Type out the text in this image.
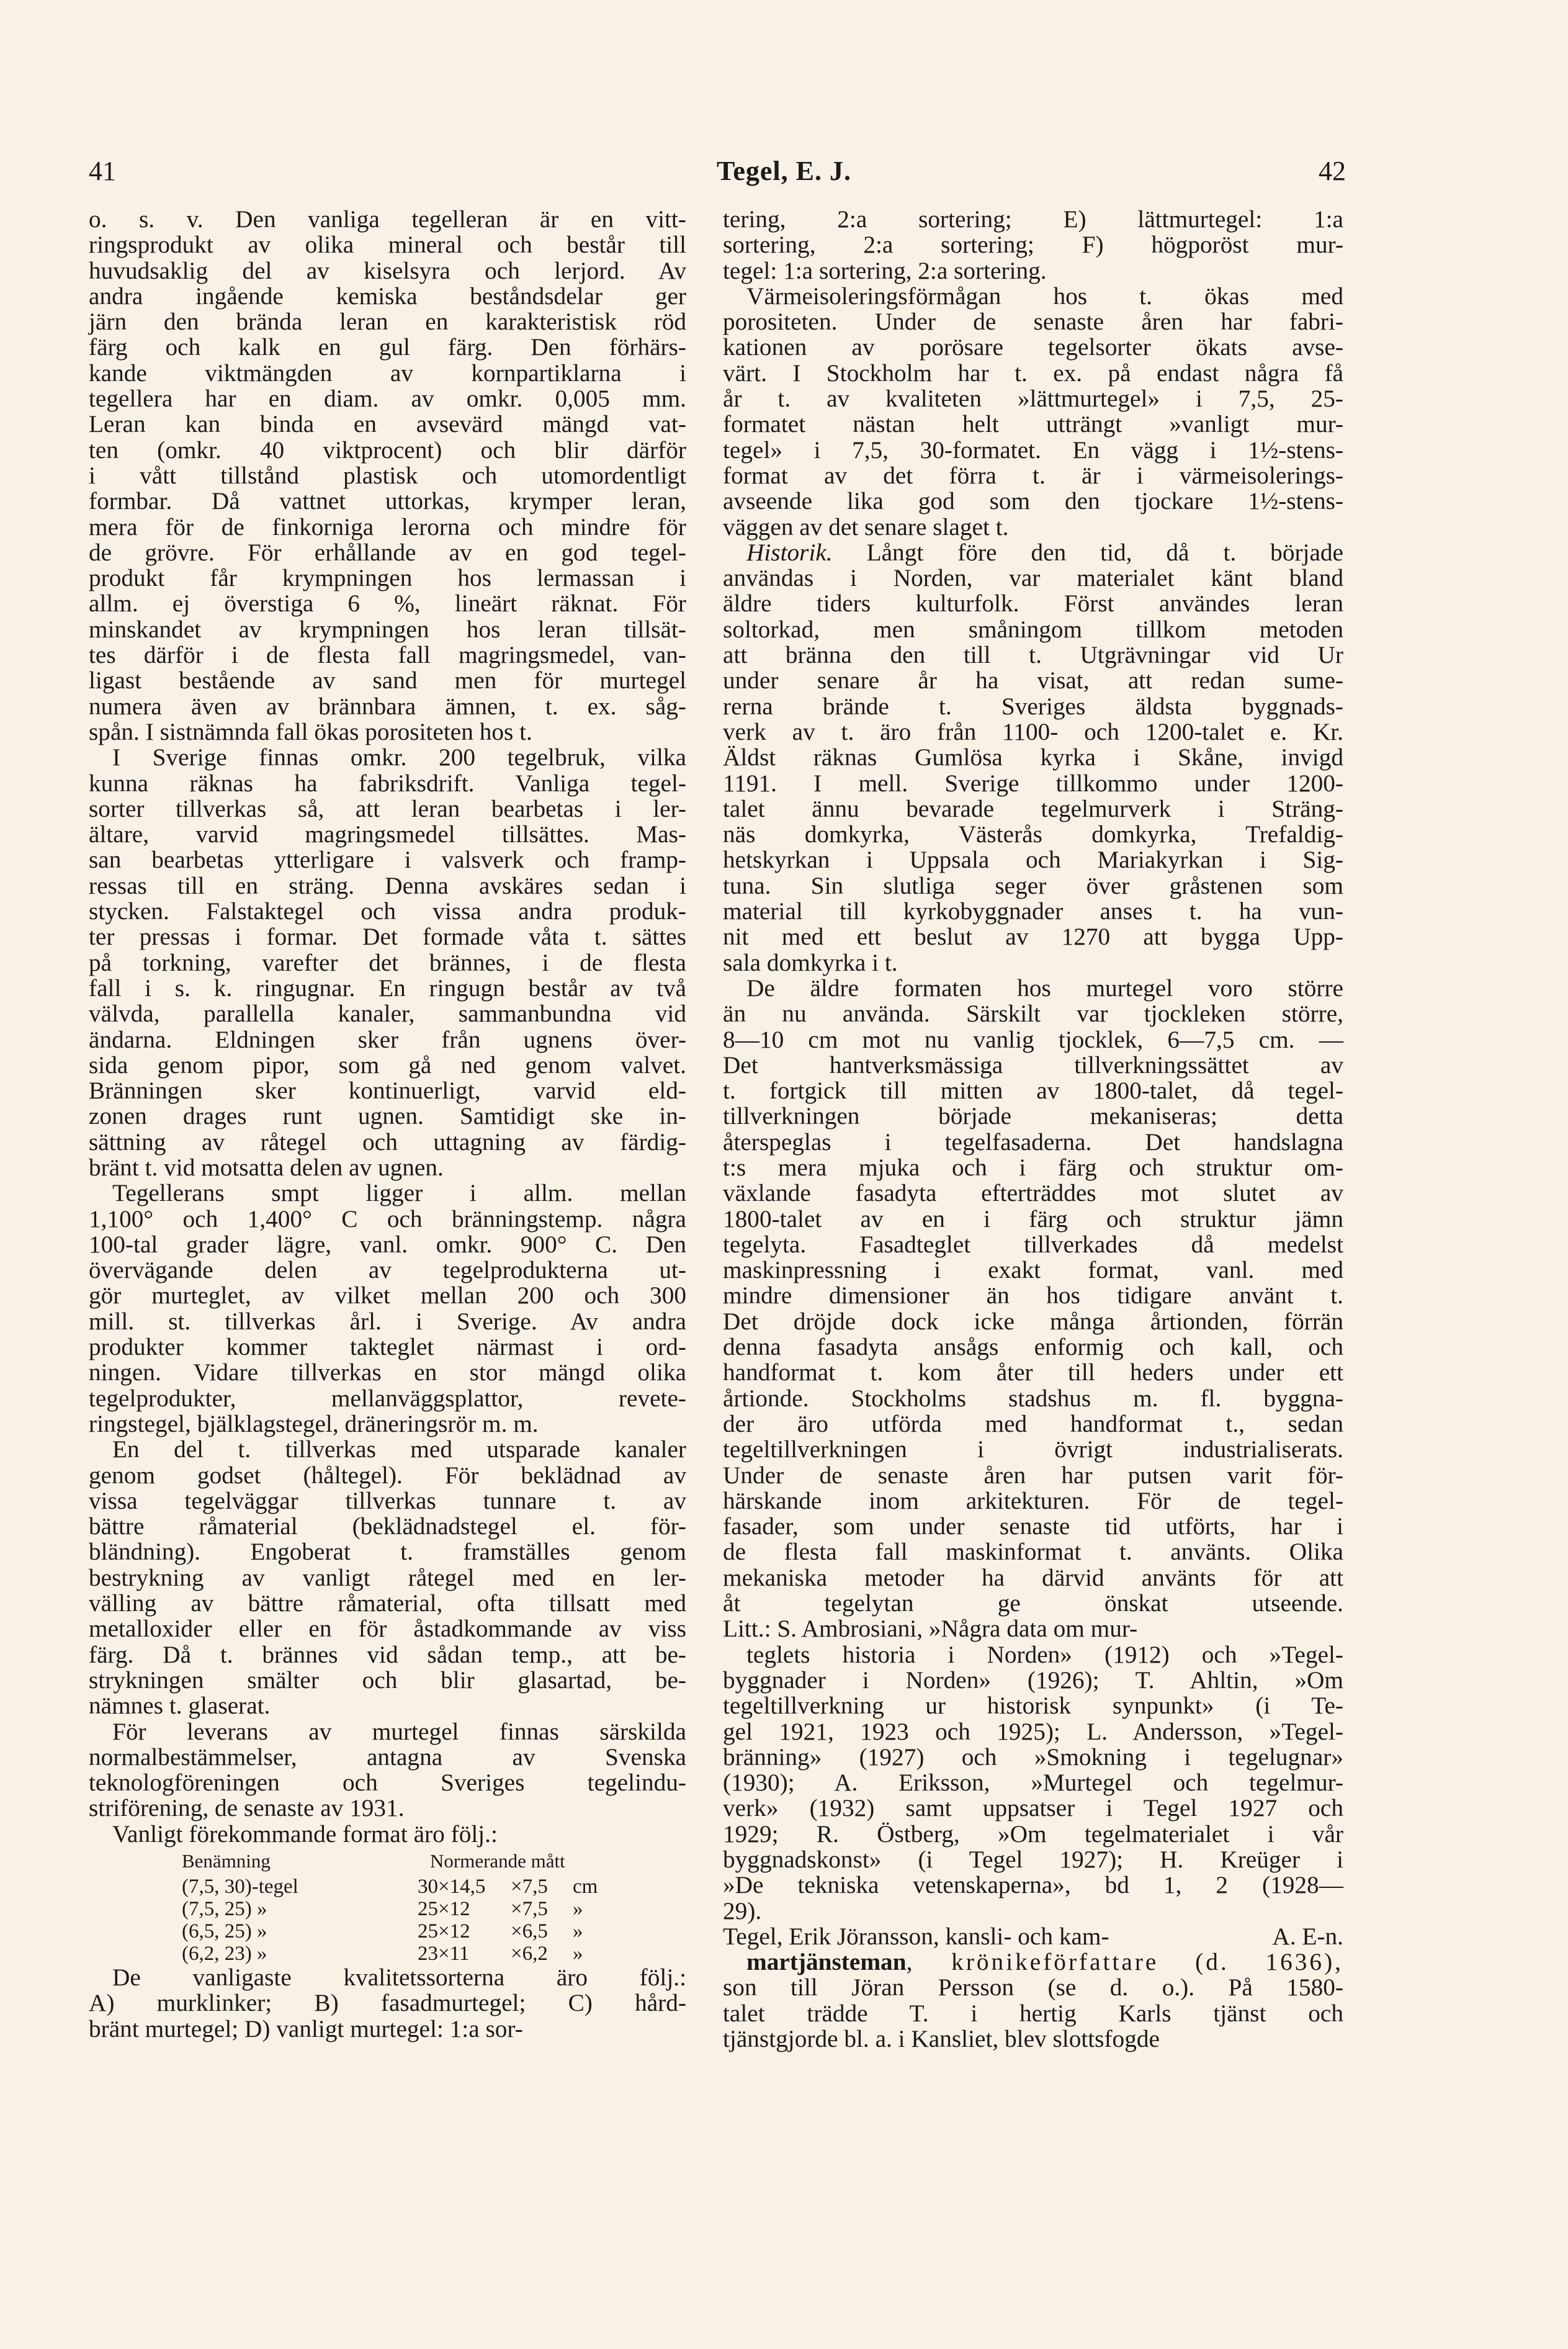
41	Tegel, E. J.	42
o. s. v. Den vanliga tegelleran är en vitt-
ringsprodukt av olika mineral och består till
huvudsaklig del av kiselsyra och lerjord. Av
andra ingående kemiska beståndsdelar ger
järn den brända leran en karakteristisk röd
färg och kalk en gul färg. Den förhärs-
kande viktmängden av kornpartiklarna i
tegellera har en diam. av omkr. 0,005 mm.
Leran kan binda en avsevärd mängd vat-
ten (omkr. 40 viktprocent) och blir därför
i vått tillstånd plastisk och utomordentligt
formbar. Då vattnet uttorkas, krymper leran,
mera för de finkorniga lerorna och mindre för
de grövre. För erhållande av en god tegel-
produkt får krympningen hos lermassan i
allm. ej överstiga 6 %, lineärt räknat. För
minskandet av krympningen hos leran tillsät-
tes därför i de flesta fall magringsmedel, van-
ligast bestående av sand men för murtegel
numera även av brännbara ämnen, t. ex. såg-
spån. I sistnämnda fall ökas porositeten hos t.
I Sverige finnas omkr. 200 tegelbruk, vilka
kunna räknas ha fabriksdrift. Vanliga tegel-
sorter tillverkas så, att leran bearbetas i ler-
ältare, varvid magringsmedel tillsättes. Mas-
san bearbetas ytterligare i valsverk och framp-
ressas till en sträng. Denna avskäres sedan i
stycken. Falstaktegel och vissa andra produk-
ter pressas i formar. Det formade våta t. sättes
på torkning, varefter det brännes, i de flesta
fall i s. k. ringugnar. En ringugn består av två
välvda, parallella kanaler, sammanbundna vid
ändarna. Eldningen sker från ugnens över-
sida genom pipor, som gå ned genom valvet.
Bränningen sker kontinuerligt, varvid eld-
zonen drages runt ugnen. Samtidigt ske in-
sättning av råtegel och uttagning av färdig-
bränt t. vid motsatta delen av ugnen.
Tegellerans smpt ligger i allm. mellan
1,100° och 1,400° C och bränningstemp. några
100-tal grader lägre, vanl. omkr. 900° C. Den
övervägande delen av tegelprodukterna ut-
gör murteglet, av vilket mellan 200 och 300
mill. st. tillverkas årl. i Sverige. Av andra
produkter kommer takteglet närmast i ord-
ningen. Vidare tillverkas en stor mängd olika
tegelprodukter, mellanväggsplattor, revete-
ringstegel, bjälklagstegel, dräneringsrör m. m.
En del t. tillverkas med utsparade kanaler
genom godset (håltegel). För beklädnad av
vissa tegelväggar tillverkas tunnare t. av
bättre råmaterial (beklädnadstegel el. för-
bländning). Engoberat t. framställes genom
bestrykning av vanligt råtegel med en ler-
välling av bättre råmaterial, ofta tillsatt med
metalloxider eller en för åstadkommande av viss
färg. Då t. brännes vid sådan temp., att be-
strykningen smälter och blir glasartad, be-
nämnes t. glaserat.
För leverans av murtegel finnas särskilda
normalbestämmelser, antagna av Svenska
teknologföreningen och Sveriges tegelindu-
striförening, de senaste av 1931.
Vanligt förekommande format äro följ.:
Benämning	Normerande mått		
(7,5, 30)-tegel	30×14,5	×7,5	cm
(7,5, 25) »	25×12	×7,5	»
(6,5, 25) »	25×12	×6,5	»
(6,2, 23) »	23×11	×6,2	»
De vanligaste kvalitetssorterna äro följ.:
A) murklinker; B) fasadmurtegel; C) hård-
bränt murtegel; D) vanligt murtegel: 1:a sor-
tering, 2:a sortering; E) lättmurtegel: 1:a
sortering, 2:a sortering; F) högporöst mur-
tegel: 1:a sortering, 2:a sortering.
Värmeisoleringsförmågan hos t. ökas med
porositeten. Under de senaste åren har fabri-
kationen av porösare tegelsorter ökats avse-
värt. I Stockholm har t. ex. på endast några få
år t. av kvaliteten »lättmurtegel» i 7,5, 25-
formatet nästan helt utträngt »vanligt mur-
tegel» i 7,5, 30-formatet. En vägg i 1½-stens-
format av det förra t. är i värmeisolerings-
avseende lika god som den tjockare 1½-stens-
väggen av det senare slaget t.
Historik. Långt före den tid, då t. började
användas i Norden, var materialet känt bland
äldre tiders kulturfolk. Först användes leran
soltorkad, men småningom tillkom metoden
att bränna den till t. Utgrävningar vid Ur
under senare år ha visat, att redan sume-
rerna brände t. Sveriges äldsta byggnads-
verk av t. äro från 1100- och 1200-talet e. Kr.
Äldst räknas Gumlösa kyrka i Skåne, invigd
1191. I mell. Sverige tillkommo under 1200-
talet ännu bevarade tegelmurverk i Sträng-
näs domkyrka, Västerås domkyrka, Trefaldig-
hetskyrkan i Uppsala och Mariakyrkan i Sig-
tuna. Sin slutliga seger över gråstenen som
material till kyrkobyggnader anses t. ha vun-
nit med ett beslut av 1270 att bygga Upp-
sala domkyrka i t.
De äldre formaten hos murtegel voro större
än nu använda. Särskilt var tjockleken större,
8—10 cm mot nu vanlig tjocklek, 6—7,5 cm. —
Det hantverksmässiga tillverkningssättet av
t. fortgick till mitten av 1800-talet, då tegel-
tillverkningen började mekaniseras; detta
återspeglas i tegelfasaderna. Det handslagna
t:s mera mjuka och i färg och struktur om-
växlande fasadyta efterträddes mot slutet av
1800-talet av en i färg och struktur jämn
tegelyta. Fasadteglet tillverkades då medelst
maskinpressning i exakt format, vanl. med
mindre dimensioner än hos tidigare använt t.
Det dröjde dock icke många årtionden, förrän
denna fasadyta ansågs enformig och kall, och
handformat t. kom åter till heders under ett
årtionde. Stockholms stadshus m. fl. byggna-
der äro utförda med handformat t., sedan
tegeltillverkningen i övrigt industrialiserats.
Under de senaste åren har putsen varit för-
härskande inom arkitekturen. För de tegel-
fasader, som under senaste tid utförts, har i
de flesta fall maskinformat t. använts. Olika
mekaniska metoder ha därvid använts för att
åt tegelytan ge önskat utseende.
Litt.: S. Ambrosiani, »Några data om mur-
teglets historia i Norden» (1912) och »Tegel-
byggnader i Norden» (1926); T. Ahltin, »Om
tegeltillverkning ur historisk synpunkt» (i Te-
gel 1921, 1923 och 1925); L. Andersson, »Tegel-
bränning» (1927) och »Smokning i tegelugnar»
(1930); A. Eriksson, »Murtegel och tegelmur-
verk» (1932) samt uppsatser i Tegel 1927 och
1929; R. Östberg, »Om tegelmaterialet i vår
byggnadskonst» (i Tegel 1927); H. Kreüger i
»De tekniska vetenskaperna», bd 1, 2 (1928—
29).
Tegel, Erik Jöransson, kansli- och kam-	A. E-n.
martjänsteman, krönikeförfattare (d. 1636),
son till Jöran Persson (se d. o.). På 1580-
talet trädde T. i hertig Karls tjänst och
tjänstgjorde bl. a. i Kansliet, blev slottsfogde
